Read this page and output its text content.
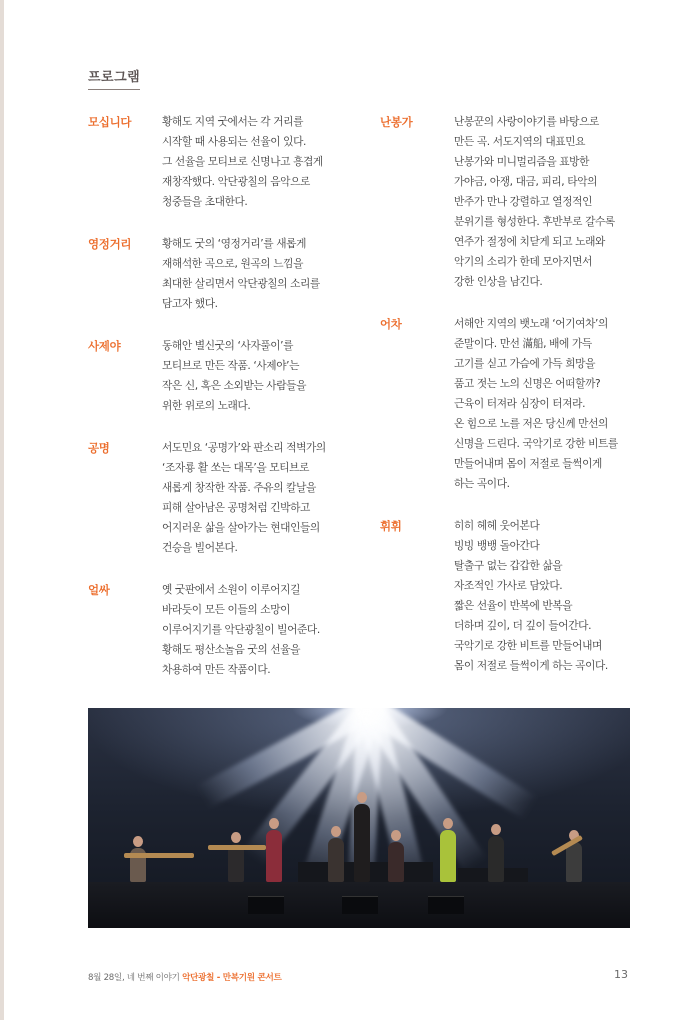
프로그램
모십니다	황해도 지역 굿에서는 각 거리를
시작할 때 사용되는 선율이 있다.
그 선율을 모티브로 신명나고 흥겹게
재창작했다. 악단광칠의 음악으로
청중들을 초대한다.
영정거리	황해도 굿의 ‘영정거리’를 새롭게
재해석한 곡으로, 원곡의 느낌을
최대한 살리면서 악단광칠의 소리를
담고자 했다.
사제야	동해안 별신굿의 ‘사자풀이’를
모티브로 만든 작품. ‘사제야’는
작은 신, 혹은 소외받는 사람들을
위한 위로의 노래다.
공명	서도민요 ‘공명가’와 판소리 적벽가의
‘조자룡 활 쏘는 대목’을 모티브로
새롭게 창작한 작품. 주유의 칼날을
피해 살아남은 공명처럼 긴박하고
어지러운 삶을 살아가는 현대인들의
건승을 빌어본다.
얼싸	옛 굿판에서 소원이 이루어지길
바라듯이 모든 이들의 소망이
이루어지기를 악단광칠이 빌어준다.
황해도 평산소놀음 굿의 선율을
차용하여 만든 작품이다.
난봉가	난봉꾼의 사랑이야기를 바탕으로
만든 곡. 서도지역의 대표민요
난봉가와 미니멀리즘을 표방한
가야금, 아쟁, 대금, 피리, 타악의
반주가 만나 강렬하고 열정적인
분위기를 형성한다. 후반부로 갈수록
연주가 절정에 치닫게 되고 노래와
악기의 소리가 한데 모아지면서
강한 인상을 남긴다.
어차	서해안 지역의 뱃노래 ‘어기여차’의
준말이다. 만선 滿船, 배에 가득
고기를 싣고 가슴에 가득 희망을
품고 젓는 노의 신명은 어떠할까?
근육이 터져라 심장이 터져라.
온 힘으로 노를 저은 당신께 만선의
신명을 드린다. 국악기로 강한 비트를
만들어내며 몸이 저절로 들썩이게
하는 곡이다.
휘휘	히히 헤헤 웃어본다
빙빙 뱅뱅 돌아간다
탈출구 없는 갑갑한 삶을
자조적인 가사로 담았다.
짧은 선율이 반복에 반복을
더하며 깊이, 더 깊이 들어간다.
국악기로 강한 비트를 만들어내며
몸이 저절로 들썩이게 하는 곡이다.
8월 28일, 네 번째 이야기 악단광칠 - 만복기원 콘서트	13
